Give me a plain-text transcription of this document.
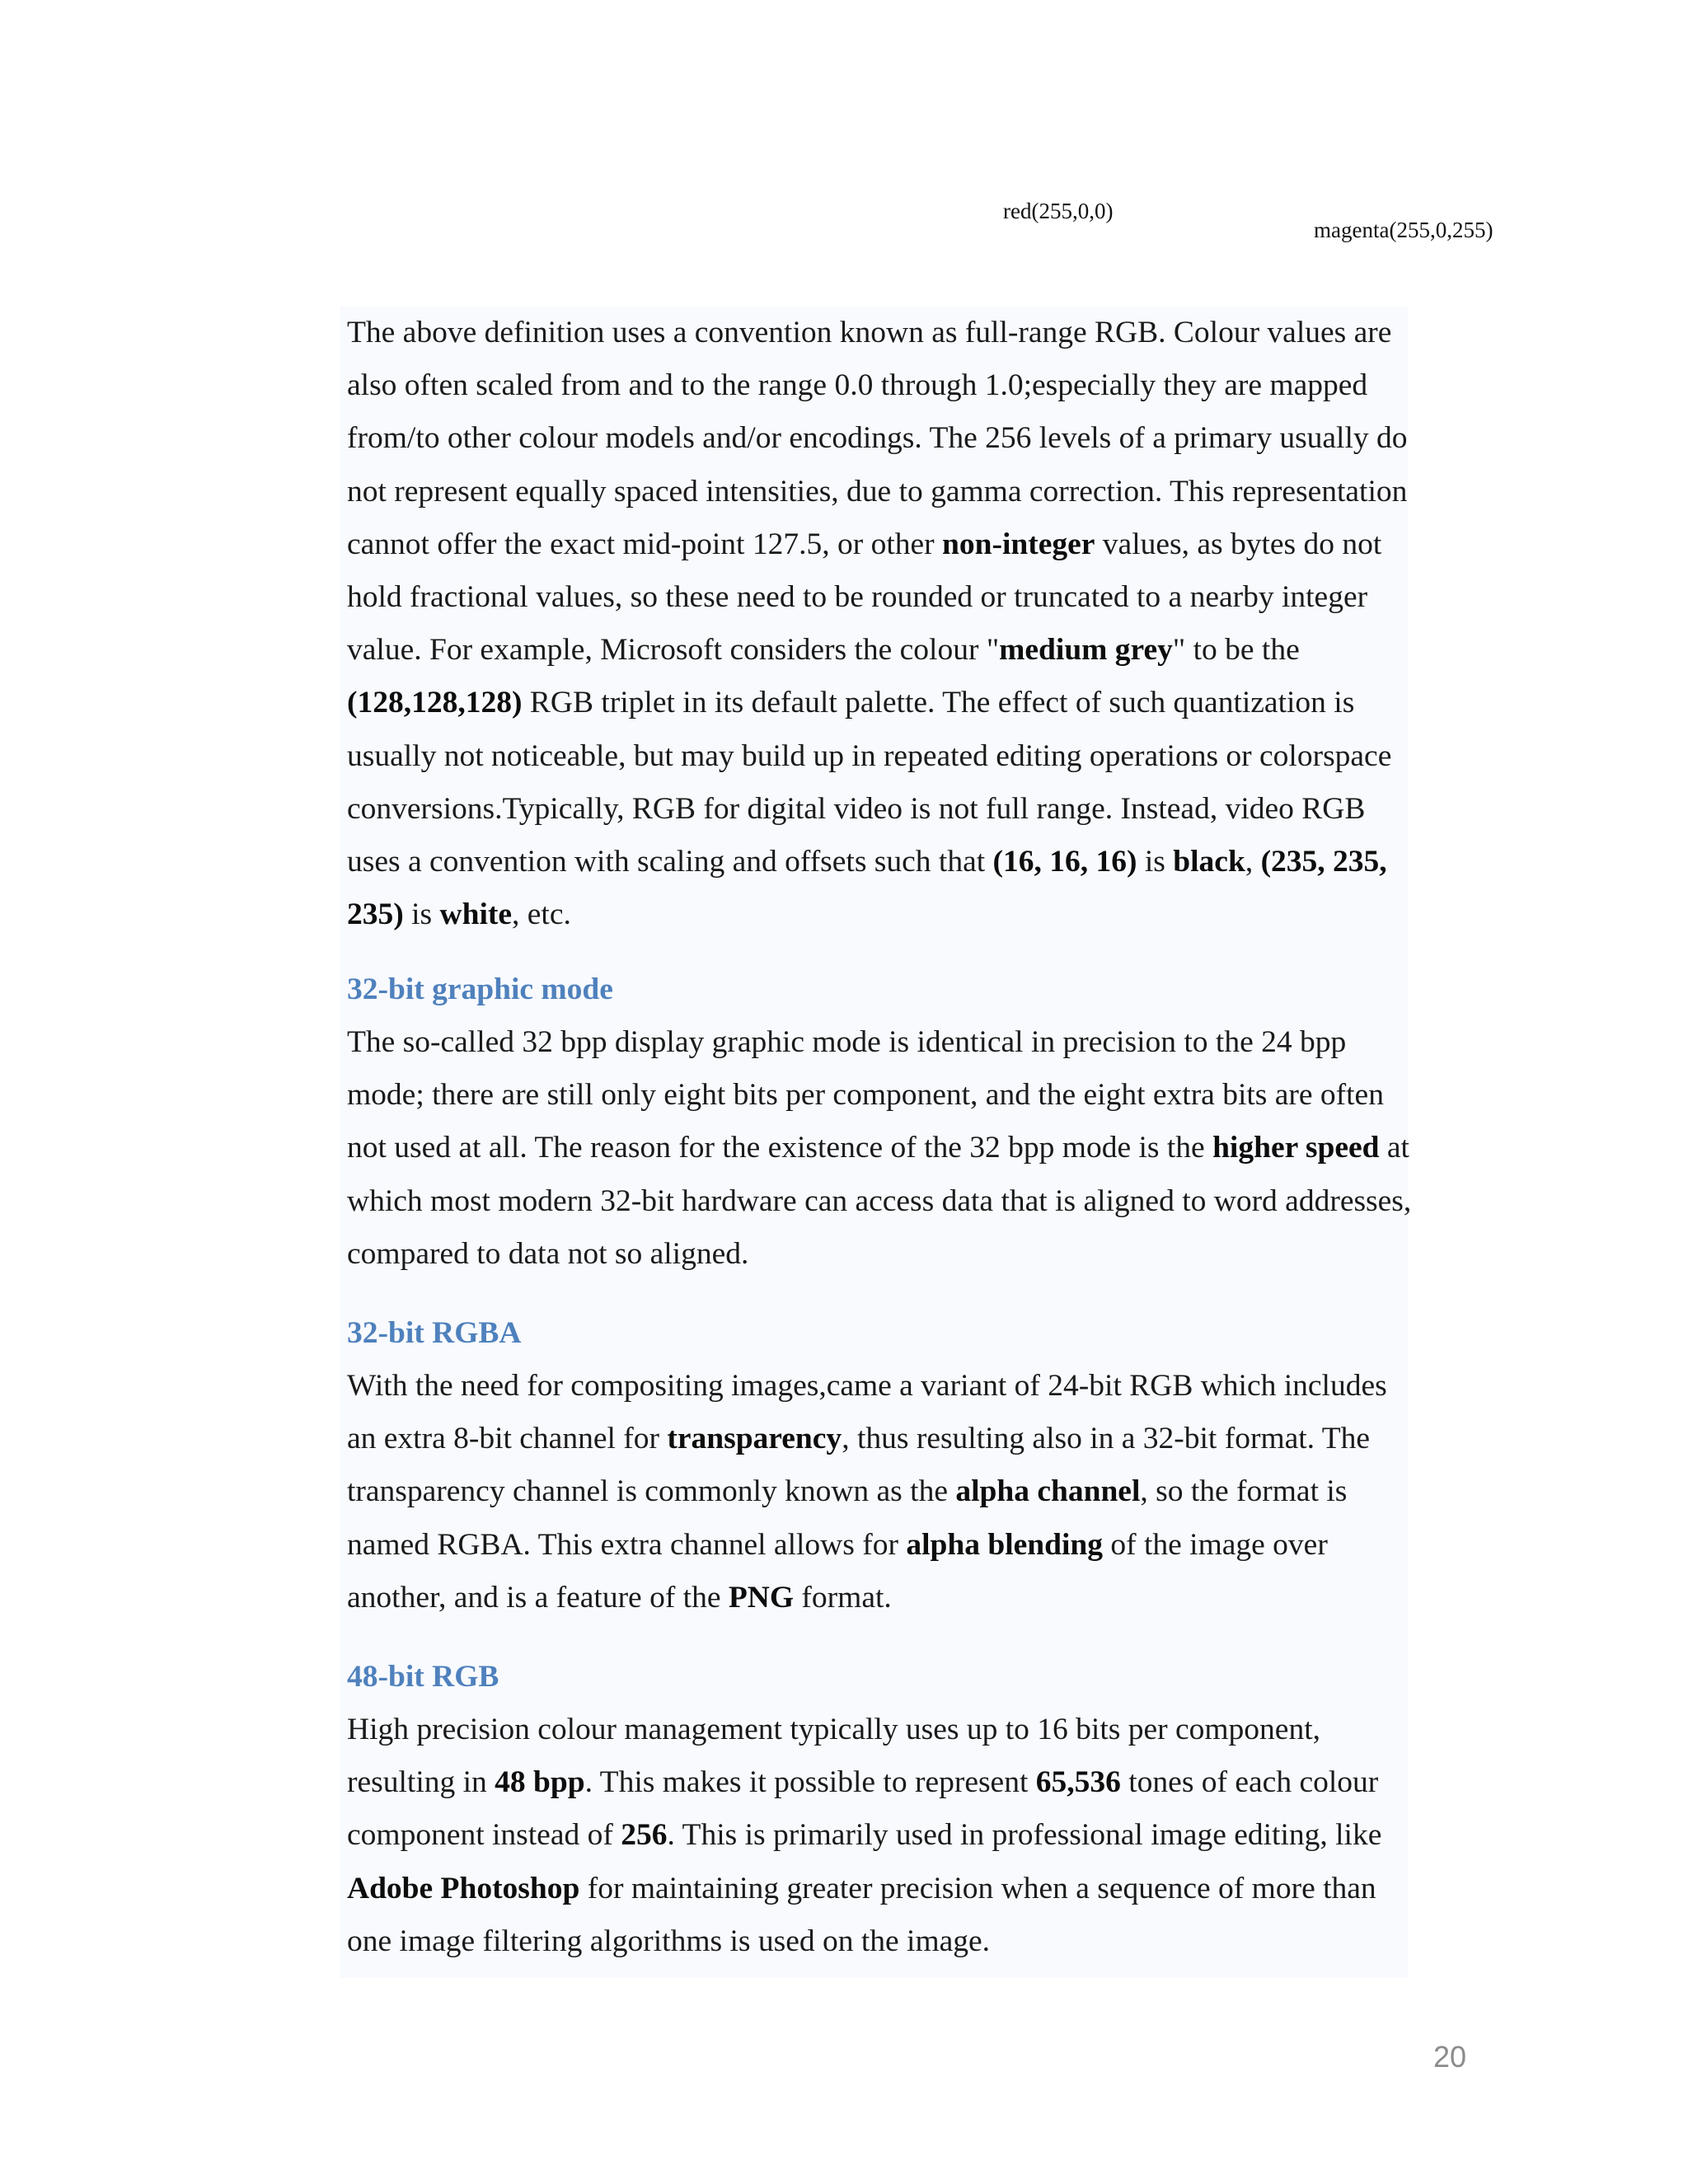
red(255,0,0)
magenta(255,0,255)

The above definition uses a convention known as full-range RGB. Colour values are
also often scaled from and to the range 0.0 through 1.0;especially they are mapped
from/to other colour models and/or encodings. The 256 levels of a primary usually do
not represent equally spaced intensities, due to gamma correction. This representation
cannot offer the exact mid-point 127.5, or other non-integer values, as bytes do not
hold fractional values, so these need to be rounded or truncated to a nearby integer
value. For example, Microsoft considers the colour "medium grey" to be the
(128,128,128) RGB triplet in its default palette. The effect of such quantization is
usually not noticeable, but may build up in repeated editing operations or colorspace
conversions.Typically, RGB for digital video is not full range. Instead, video RGB
uses a convention with scaling and offsets such that (16, 16, 16) is black, (235, 235,
235) is white, etc.

32-bit graphic mode

The so-called 32 bpp display graphic mode is identical in precision to the 24 bpp
mode; there are still only eight bits per component, and the eight extra bits are often
not used at all. The reason for the existence of the 32 bpp mode is the higher speed at
which most modern 32-bit hardware can access data that is aligned to word addresses,
compared to data not so aligned.

32-bit RGBA

With the need for compositing images,came a variant of 24-bit RGB which includes
an extra 8-bit channel for transparency, thus resulting also in a 32-bit format. The
transparency channel is commonly known as the alpha channel, so the format is
named RGBA. This extra channel allows for alpha blending of the image over
another, and is a feature of the PNG format.

48-bit RGB

High precision colour management typically uses up to 16 bits per component,
resulting in 48 bpp. This makes it possible to represent 65,536 tones of each colour
component instead of 256. This is primarily used in professional image editing, like
Adobe Photoshop for maintaining greater precision when a sequence of more than
one image filtering algorithms is used on the image.

20
